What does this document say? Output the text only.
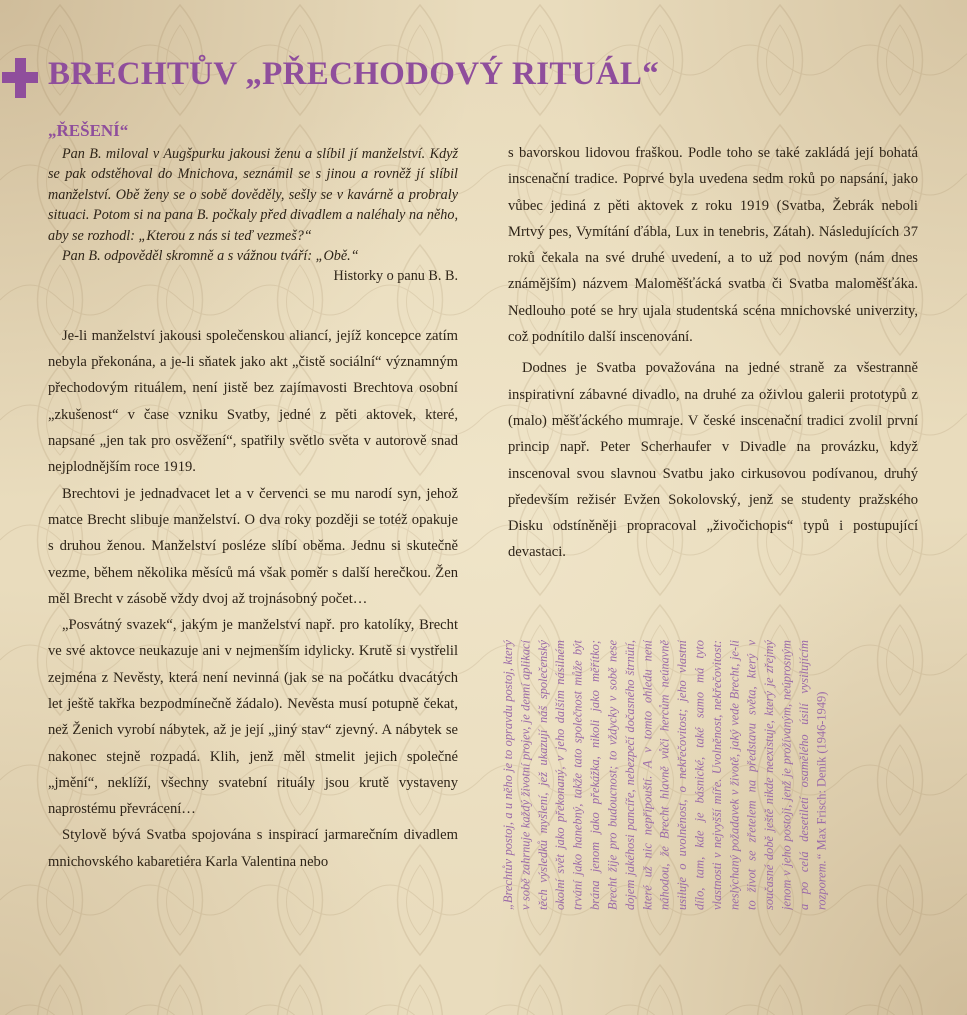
BRECHTŮV „PŘECHODOVÝ RITUÁL“
„ŘEŠENÍ“

Pan B. miloval v Augšpurku jakousi ženu a slíbil jí manželství. Když se pak odstěhoval do Mnichova, seznámil se s jinou a rovněž jí slíbil manželství. Obě ženy se o sobě dověděly, sešly se v kavárně a probraly situaci. Potom si na pana B. počkaly před divadlem a naléhaly na něho, aby se rozhodl: „Kterou z nás si teď vezmeš?“

Pan B. odpověděl skromně a s vážnou tváří: „Obě.“

Historky o panu B. B.

Je-li manželství jakousi společenskou aliancí, jejíž koncepce zatím nebyla překonána, a je-li sňatek jako akt „čistě sociální“ významným přechodovým rituálem, není jistě bez zajímavosti Brechtova osobní „zkušenost“ v čase vzniku Svatby, jedné z pěti aktovek, které, napsané „jen tak pro osvěžení“, spatřily světlo světa v autorově snad nejplodnějším roce 1919.

Brechtovi je jednadvacet let a v červenci se mu narodí syn, jehož matce Brecht slibuje manželství. O dva roky později se totéž opakuje s druhou ženou. Manželství posléze slíbí oběma. Jednu si skutečně vezme, během několika měsíců má však poměr s další herečkou. Žen měl Brecht v zásobě vždy dvoj až trojnásobný počet…

„Posvátný svazek“, jakým je manželství např. pro katolíky, Brecht ve své aktovce neukazuje ani v nejmenším idylicky. Krutě si vystřelil zejména z Nevěsty, která není nevinná (jak se na počátku dvacátých let ještě takřka bezpodmínečně žádalo). Nevěsta musí potupně čekat, než Ženich vyrobí nábytek, až je její „jiný stav“ zjevný. A nábytek se nakonec stejně rozpadá. Klih, jenž měl stmelit jejich společné „jmění“, neklíží, všechny svatební rituály jsou krutě vystaveny naprostému převrácení…

Stylově bývá Svatba spojována s inspirací jarmarečním divadlem mnichovského kabaretiéra Karla Valentina nebo

s bavorskou lidovou fraškou. Podle toho se také zakládá její bohatá inscenační tradice. Poprvé byla uvedena sedm roků po napsání, jako vůbec jediná z pěti aktovek z roku 1919 (Svatba, Žebrák neboli Mrtvý pes, Vymítání ďábla, Lux in tenebris, Zátah). Následujících 37 roků čekala na své druhé uvedení, a to už pod novým (nám dnes známějším) názvem Maloměšťácká svatba či Svatba maloměšťáka. Nedlouho poté se hry ujala studentská scéna mnichovské univerzity, což podnítilo další inscenování.

Dodnes je Svatba považována na jedné straně za všestranně inspirativní zábavné divadlo, na druhé za oživlou galerii prototypů z (malo) měšťáckého mumraje. V české inscenační tradici zvolil první princip např. Peter Scherhaufer v Divadle na provázku, když inscenoval svou slavnou Svatbu jako cirkusovou podívanou, druhý především režisér Evžen Sokolovský, jenž se studenty pražského Disku odstíněněji propracoval „živočichopis“ typů i postupující devastaci.

„Brechtův postoj, a u něho je to opravdu postoj, který v sobě zahrnuje každý životní projev, je denní aplikací těch výsledků myšlení, jež ukazují náš společenský okolní svět jako překonaný, v jeho dalším násilném trvání jako hanebný, takže tato společnost může být brána jenom jako překážka, nikoli jako měřítko; Brecht žije pro budoucnost; to vždycky v sobě nese dojem jakéhosi pancíře, nebezpečí dočasného štrnütí, které už nic nepřipouští. A v tomto ohledu není náhodou, že Brecht hlavně vůči hercům neúnavně usiluje o uvolněnost, o nekřečovitost; jeho vlastní dílo, tam, kde je básnické, také samo má tyto vlastnosti v nejvyšší míře. Uvolněnost, nekřečovitost: neslýchaný požadavek v životě, jaký vede Brecht, je-li to život se zřetelem na představu světa, který v současné době ještě nikde neexistuje, který je zřejmý jenom v jeho postoji, jenž je prožívaným, neúprosným a po celá desetiletí osamělého úsilí vysilujícím rozporem.“ Max Frisch: Deník (1946-1949)
